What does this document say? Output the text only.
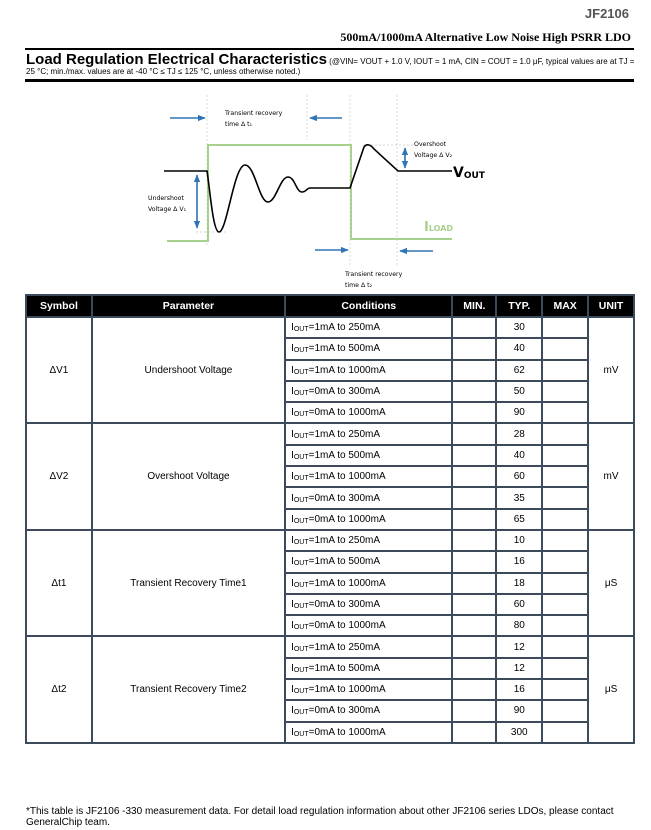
JF2106
500mA/1000mA Alternative Low Noise High PSRR LDO
Load Regulation Electrical Characteristics (@VIN= VOUT + 1.0 V, IOUT = 1 mA, CIN = COUT = 1.0 μF, typical values are at TJ = 25 °C; min./max. values are at -40 °C ≤ TJ ≤ 125 °C, unless otherwise noted.)
Transient recovery
time Δ t₁
Undershoot
Voltage Δ V₁
Overshoot
Voltage Δ V₂
Transient recovery
time Δ t₂
VOUT
ILOAD
Symbol	Parameter	Conditions	MIN.	TYP.	MAX	UNIT
ΔV1	Undershoot Voltage	IOUT=1mA to 250mA		30		mV
		IOUT=1mA to 500mA		40		
		IOUT=1mA to 1000mA		62		
		IOUT=0mA to 300mA		50		
		IOUT=0mA to 1000mA		90		
ΔV2	Overshoot Voltage	IOUT=1mA to 250mA		28		mV
		IOUT=1mA to 500mA		40		
		IOUT=1mA to 1000mA		60		
		IOUT=0mA to 300mA		35		
		IOUT=0mA to 1000mA		65		
Δt1	Transient Recovery Time1	IOUT=1mA to 250mA		10		μS
		IOUT=1mA to 500mA		16		
		IOUT=1mA to 1000mA		18		
		IOUT=0mA to 300mA		60		
		IOUT=0mA to 1000mA		80		
Δt2	Transient Recovery Time2	IOUT=1mA to 250mA		12		μS
		IOUT=1mA to 500mA		12		
		IOUT=1mA to 1000mA		16		
		IOUT=0mA to 300mA		90		
		IOUT=0mA to 1000mA		300		
*This table is JF2106 -330 measurement data. For detail load regulation information about other JF2106 series LDOs, please contact GeneralChip team.
